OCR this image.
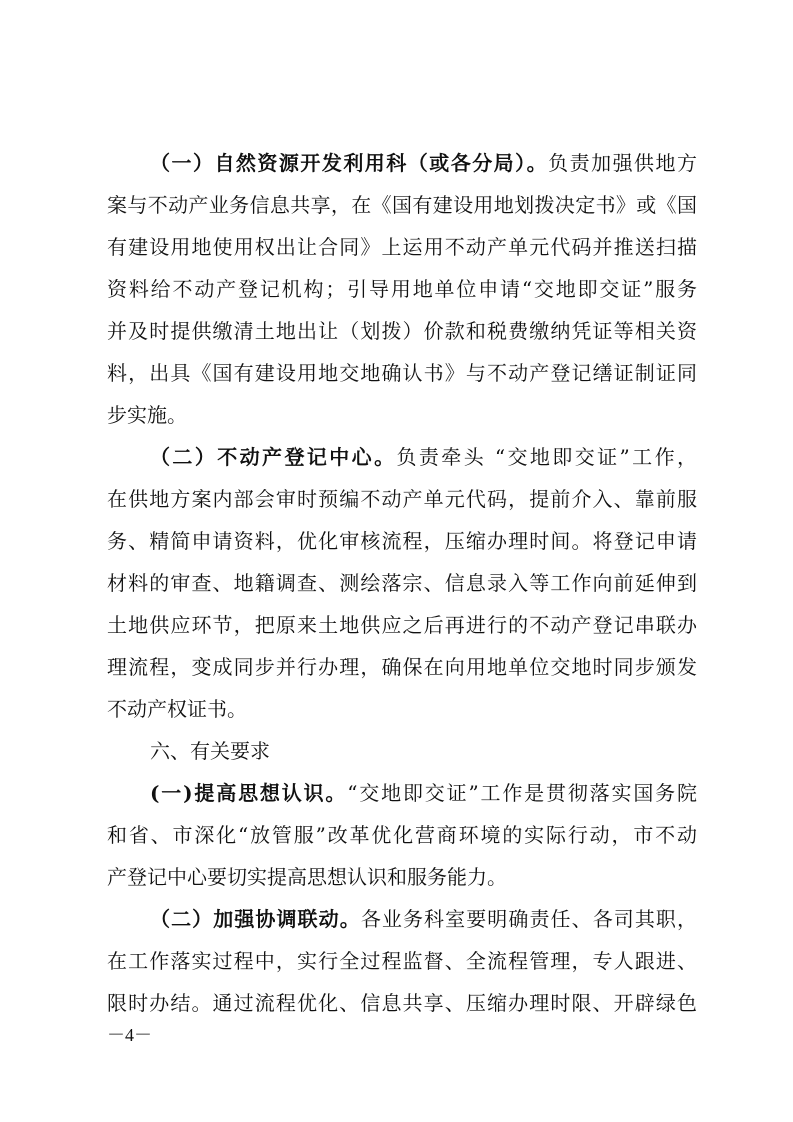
（一）自然资源开发利用科（或各分局）。负责加强供地方
案与不动产业务信息共享，在《国有建设用地划拨决定书》或《国
有建设用地使用权出让合同》上运用不动产单元代码并推送扫描
资料给不动产登记机构；引导用地单位申请“交地即交证”服务
并及时提供缴清土地出让（划拨）价款和税费缴纳凭证等相关资
料，出具《国有建设用地交地确认书》与不动产登记缮证制证同
步实施。
（二）不动产登记中心。负责牵头 “交地即交证”工作，
在供地方案内部会审时预编不动产单元代码，提前介入、靠前服
务、精简申请资料，优化审核流程，压缩办理时间。将登记申请
材料的审查、地籍调查、测绘落宗、信息录入等工作向前延伸到
土地供应环节，把原来土地供应之后再进行的不动产登记串联办
理流程，变成同步并行办理，确保在向用地单位交地时同步颁发
不动产权证书。
六、有关要求
(一)提高思想认识。“交地即交证”工作是贯彻落实国务院
和省、市深化“放管服”改革优化营商环境的实际行动，市不动
产登记中心要切实提高思想认识和服务能力。
（二）加强协调联动。各业务科室要明确责任、各司其职，
在工作落实过程中，实行全过程监督、全流程管理，专人跟进、
限时办结。通过流程优化、信息共享、压缩办理时限、开辟绿色
－4－
